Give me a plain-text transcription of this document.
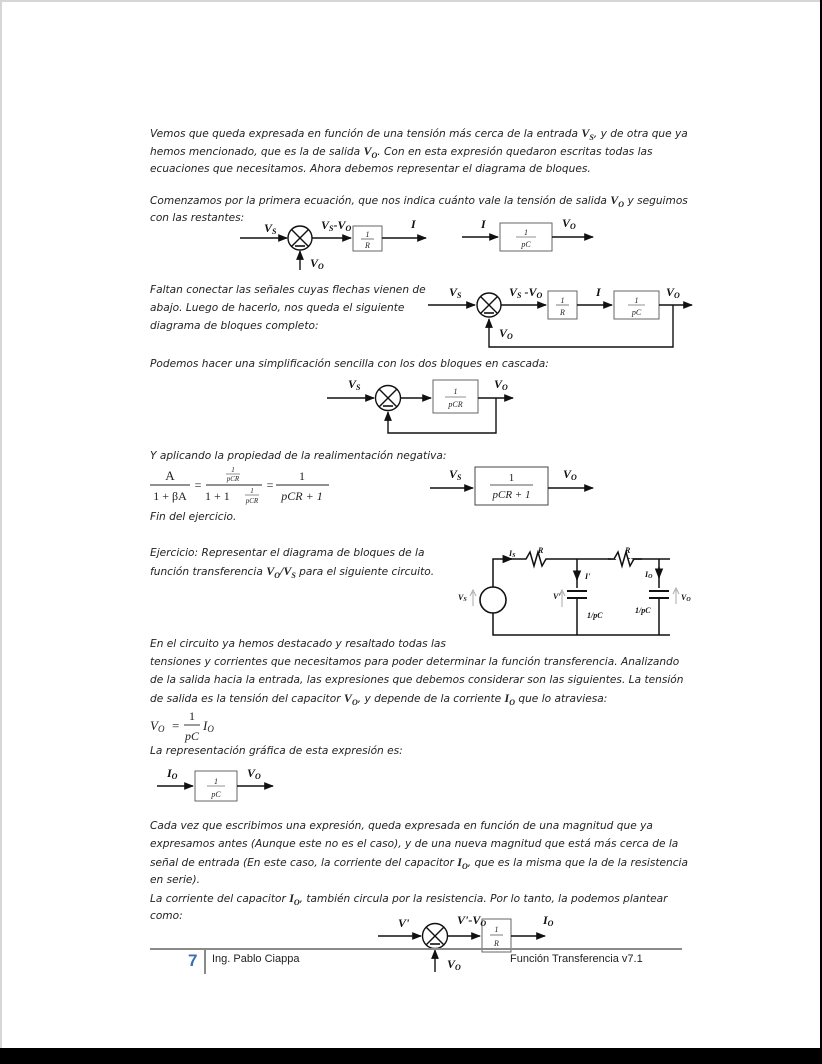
Vemos que queda expresada en función de una tensión más cerca de la entrada $V_S$, y de otra que ya
hemos mencionado, que es la de salida $V_O$. Con en esta expresión quedaron escritas todas las
ecuaciones que necesitamos. Ahora debemos representar el diagrama de bloques.
Comenzamos por la primera ecuación, que nos indica cuánto vale la tensión de salida $V_O$ y seguimos
con las restantes:
1
R
VS	VS-VO
VO
I
1
pC
I	VO
1
R
1
pC
VS	VS -VO	I	VO
VO
1
pCR
VS	VO
A
1 + βA
=
1
pCR
1 + 1	1
pCR
=
1
pCR + 1
1
pCR + 1
VS	VO
IS
R	R
I'
V'
1/pC
1/pC
IO
VO
VS
VO =
1
pC
IO
1
pC
IO	VO
1
R
V'	V'-VO
VO
IO
Faltan conectar las señales cuyas flechas vienen de
abajo. Luego de hacerlo, nos queda el siguiente
diagrama de bloques completo:
Podemos hacer una simplificación sencilla con los dos bloques en cascada:
Y aplicando la propiedad de la realimentación negativa:
Fin del ejercicio.
Ejercicio: Representar el diagrama de bloques de la
función transferencia $V_O/V_S$ para el siguiente circuito.
En el circuito ya hemos destacado y resaltado todas las
tensiones y corrientes que necesitamos para poder determinar la función transferencia. Analizando
de la salida hacia la entrada, las expresiones que debemos considerar son las siguientes. La tensión
de salida es la tensión del capacitor $V_O$, y depende de la corriente $I_O$ que lo atraviesa:
La representación gráfica de esta expresión es:
Cada vez que escribimos una expresión, queda expresada en función de una magnitud que ya
expresamos antes (Aunque este no es el caso), y de una nueva magnitud que está más cerca de la
señal de entrada (En este caso, la corriente del capacitor $I_O$, que es la misma que la de la resistencia
en serie).
La corriente del capacitor $I_O$, también circula por la resistencia. Por lo tanto, la podemos plantear
como:
7 Ing. Pablo Ciappa	Función Transferencia v7.1
